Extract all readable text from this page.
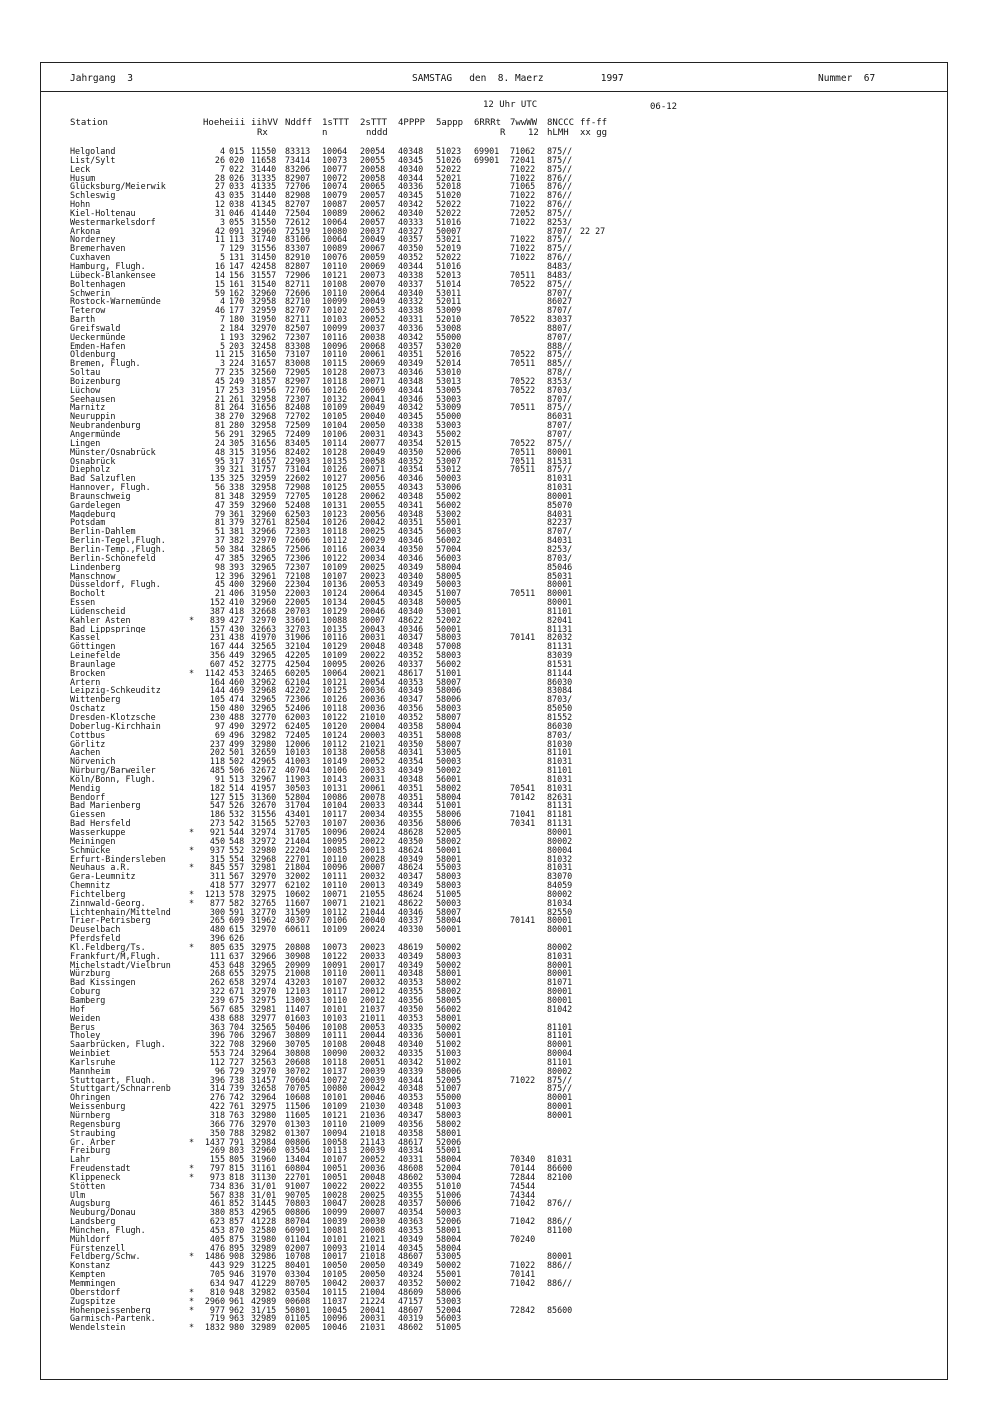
Jahrgang  3	SAMSTAG   den  8. Maerz          1997	Nummer  67
12 Uhr UTC	06-12
Station	Hoehe
iii iihVV Nddff 1sTTT 2sTTT 4PPPP 5appp 6RRRt 7wwWW 8NCCC ff-ff
Rx	n	nddd	R	12 hLMH xx gg
Helgoland	4 015 11550 83313 10064 20054 40348 51023 69901 71062 875//
List/Sylt	26 020 11658 73414 10073 20055 40345 51026 69901 72041 875//
Leck	7 022 31440 83206 10077 20058 40340 52022	71022 875//
Husum	28 026 31335 82907 10072 20058 40344 52021	71022 876//
Glücksburg/Meierwik	27 033 41335 72706 10074 20065 40336 52018	71065 876//
Schleswig	43 035 31440 82908 10079 20057 40345 51020	71022 876//
Hohn	12 038 41345 82707 10087 20057 40342 52022	71022 876//
Kiel-Holtenau	31 046 41440 72504 10089 20062 40340 52022	72052 875//
Westermarkelsdorf	3 055 31550 72612 10064 20057 40333 51016	71022 8253/
Arkona	42 091 32960 72519 10080 20037 40327 50007	8707/ 22 27
Norderney	11 113 31740 83106 10064 20049 40357 53021	71022 875//
Bremerhaven	7 129 31556 83307 10089 20067 40350 52019	71022 875//
Cuxhaven	5 131 31450 82910 10076 20059 40352 52022	71022 876//
Hamburg, Flugh.	16 147 42458 82807 10110 20069 40344 51016	8483/
Lübeck-Blankensee	14 156 31557 72906 10121 20073 40338 52013	70511 8483/
Boltenhagen	15 161 31540 82711 10108 20070 40337 51014	70522 875//
Schwerin	59 162 32960 72606 10110 20064 40340 53011	8707/
Rostock-Warnemünde	4 170 32958 82710 10099 20049 40332 52011	86027
Teterow	46 177 32959 82707 10102 20053 40338 53009	8707/
Barth	7 180 31950 82711 10103 20052 40331 52010	70522 83037
Greifswald	2 184 32970 82507 10099 20037 40336 53008	8807/
Ueckermünde	1 193 32962 72307 10116 20038 40342 55000	8707/
Emden-Hafen	5 203 32458 83308 10096 20068 40357 53020	888//
Oldenburg	11 215 31650 73107 10110 20061 40351 52016	70522 875//
Bremen, Flugh.	3 224 31657 83008 10115 20069 40349 52014	70511 885//
Soltau	77 235 32560 72905 10128 20073 40346 53010	878//
Boizenburg	45 249 31857 82907 10118 20071 40348 53013	70522 8353/
Lüchow	17 253 31956 72706 10126 20069 40344 53005	70522 8703/
Seehausen	21 261 32958 72307 10132 20041 40346 53003	8707/
Marnitz	81 264 31656 82408 10109 20049 40342 53009	70511 875//
Neuruppin	38 270 32968 72702 10105 20040 40345 55000	86031
Neubrandenburg	81 280 32958 72509 10104 20050 40338 53003	8707/
Angermünde	56 291 32965 72409 10106 20031 40343 55002	8707/
Lingen	24 305 31656 83405 10114 20077 40354 52015	70522 875//
Münster/Osnabrück	48 315 31956 82402 10128 20049 40350 52006	70511 80001
Osnabrück	95 317 31657 22903 10135 20058 40352 53007	70511 81531
Diepholz	39 321 31757 73104 10126 20071 40354 53012	70511 875//
Bad Salzuflen	135 325 32959 22602 10127 20056 40346 50003	81031
Hannover, Flugh.	56 338 32958 72908 10125 20055 40343 53006	81031
Braunschweig	81 348 32959 72705 10128 20062 40348 55002	80001
Gardelegen	47 359 32960 52408 10131 20055 40341 56002	85070
Magdeburg	79 361 32960 62503 10123 20056 40348 53002	84031
Potsdam	81 379 32761 82504 10126 20042 40351 55001	82237
Berlin-Dahlem	51 381 32966 72303 10118 20025 40345 56003	8707/
Berlin-Tegel,Flugh.	37 382 32970 72606 10112 20029 40346 56002	84031
Berlin-Temp.,Flugh.	50 384 32865 72506 10116 20034 40350 57004	8253/
Berlin-Schönefeld	47 385 32965 72306 10122 20034 40346 56003	8703/
Lindenberg	98 393 32965 72307 10109 20025 40349 58004	85046
Manschnow	12 396 32961 72108 10107 20023 40340 58005	85031
Düsseldorf, Flugh.	45 400 32960 22304 10136 20053 40349 50003	80001
Bocholt	21 406 31950 22003 10124 20064 40345 51007	70511 80001
Essen	152 410 32960 22005 10134 20045 40348 50005	80001
Lüdenscheid	387 418 32668 20703 10129 20046 40340 53001	81101
Kahler Asten	*	839 427 32970 33601 10088 20007 48622 52002	82041
Bad Lippspringe	157 430 32663 32703 10135 20043 40346 50001	81131
Kassel	231 438 41970 31906 10116 20031 40347 58003	70141 82032
Göttingen	167 444 32565 32104 10129 20048 40348 57008	81131
Leinefelde	356 449 32965 42205 10109 20022 40352 58003	83039
Braunlage	607 452 32775 42504 10095 20026 40337 56002	81531
Brocken	*	1142 453 32465 60205 10064 20021 48617 51001	81144
Artern	164 460 32962 62104 10121 20054 40353 58007	86030
Leipzig-Schkeuditz	144 469 32968 42202 10125 20036 40349 58006	83084
Wittenberg	105 474 32965 72306 10126 20036 40347 58006	8703/
Oschatz	150 480 32965 52406 10118 20036 40356 58003	85050
Dresden-Klotzsche	230 488 32770 62003 10122 21010 40352 58007	81552
Doberlug-Kirchhain	97 490 32972 62405 10120 20004 40358 58004	86030
Cottbus	69 496 32982 72405 10124 20003 40351 58008	8703/
Görlitz	237 499 32980 12006 10112 21021 40350 58007	81030
Aachen	202 501 32659 10103 10138 20058 40341 53005	81101
Nörvenich	118 502 42965 41003 10149 20052 40354 50003	81031
Nürburg/Barweiler	485 506 32672 40704 10106 20033 40349 50002	81101
Köln/Bonn, Flugh.	91 513 32967 11903 10143 20031 40348 56001	81031
Mendig	182 514 41957 30503 10131 20061 40351 58002	70541 81031
Bendorf	127 515 31360 52804 10086 20078 40351 58004	70142 82631
Bad Marienberg	547 526 32670 31704 10104 20033 40344 51001	81131
Giessen	186 532 31556 43401 10117 20034 40355 58006	71041 81181
Bad Hersfeld	273 542 31565 52703 10107 20036 40356 58006	70341 81131
Wasserkuppe	*	921 544 32974 31705 10096 20024 48628 52005	80001
Meiningen	450 548 32972 21404 10095 20022 40350 58002	80002
Schmücke	*	937 552 32980 22204 10085 20013 48624 50001	80004
Erfurt-Bindersleben	315 554 32968 22701 10110 20028 40349 58001	81032
Neuhaus a.R.	*	845 557 32981 21804 10096 20007 48624 55003	81031
Gera-Leumnitz	311 567 32970 32002 10111 20032 40347 58003	83070
Chemnitz	418 577 32977 62102 10110 20013 40349 58003	84059
Fichtelberg	*	1213 578 32975 10602 10071 21055 48624 51005	80002
Zinnwald-Georg.	*	877 582 32765 11607 10071 21021 48622 50003	81034
Lichtenhain/Mittelnd	300 591 32770 31509 10112 21044 40346 58007	82550
Trier-Petrisberg	265 609 31962 40307 10106 20040 40337 58004	70141 80001
Deuselbach	480 615 32970 60611 10109 20024 40330 50001	80001
Pferdsfeld	396 626
Kl.Feldberg/Ts.	*	805 635 32975 20808 10073 20023 48619 50002	80002
Frankfurt/M,Flugh.	111 637 32966 30908 10122 20033 40349 58003	81031
Michelstadt/Vielbrun	453 648 32965 20909 10091 20017 40349 50002	80001
Würzburg	268 655 32975 21008 10110 20011 40348 58001	80001
Bad Kissingen	262 658 32974 43203 10107 20032 40353 58002	81071
Coburg	322 671 32970 12103 10117 20012 40355 58002	80001
Bamberg	239 675 32975 13003 10110 20012 40356 58005	80001
Hof	567 685 32981 11407 10101 21037 40350 56002	81042
Weiden	438 688 32977 01603 10103 21011 40353 58001
Berus	363 704 32565 50406 10108 20053 40335 50002	81101
Tholey	396 706 32967 30809 10111 20044 40336 50001	81101
Saarbrücken, Flugh.	322 708 32960 30705 10108 20048 40340 51002	80001
Weinbiet	553 724 32964 30808 10090 20032 40335 51003	80004
Karlsruhe	112 727 32563 20608 10118 20051 40342 51002	81101
Mannheim	96 729 32970 30702 10137 20039 40339 58006	80002
Stuttgart, Flugh.	396 738 31457 70604 10072 20039 40344 52005	71022 875//
Stuttgart/Schnarrenb	314 739 32658 70705 10080 20042 40348 51007	875//
Öhringen	276 742 32964 10608 10101 20046 40353 55000	80001
Weissenburg	422 761 32975 11506 10109 21030 40348 51003	80001
Nürnberg	318 763 32980 11605 10121 21036 40347 58003	80001
Regensburg	366 776 32970 01303 10110 21009 40356 58002
Straubing	350 788 32982 01307 10094 21018 40358 58001
Gr. Arber	*	1437 791 32984 00806 10058 21143 48617 52006
Freiburg	269 803 32960 03504 10113 20039 40334 55001
Lahr	155 805 31960 13404 10107 20052 40331 58004	70340 81031
Freudenstadt	*	797 815 31161 60804 10051 20036 48608 52004	70144 86600
Klippeneck	*	973 818 31130 22701 10051 20048 48602 53004	72844 82100
Stötten	734 836 31/01 91007 10022 20022 40355 51010	74544
Ulm	567 838 31/01 90705 10028 20025 40355 51006	74344
Augsburg	461 852 31445 70803 10047 20028 40357 50006	71042 876//
Neuburg/Donau	380 853 42965 00806 10099 20007 40354 50003
Landsberg	623 857 41228 80704 10039 20030 40363 52006	71042 886//
München, Flugh.	453 870 32580 60901 10081 20008 40353 58001	81100
Mühldorf	405 875 31980 01104 10101 21021 40349 58004	70240
Fürstenzell	476 895 32989 02007 10093 21014 40345 58004
Feldberg/Schw.	*	1486 908 32986 10708 10017 21018 48607 53005	80001
Konstanz	443 929 31225 80401 10050 20050 40349 50002	71022 886//
Kempten	705 946 31970 03304 10105 20050 40324 55001	70141
Memmingen	634 947 41229 80705 10042 20037 40352 50002	71042 886//
Oberstdorf	*	810 948 32982 03504 10115 21004 48609 58006
Zugspitze	*	2960 961 42989 00608 11037 21224 47157 53003
Hohenpeissenberg	*	977 962 31/15 50801 10045 20041 48607 52004	72842 85600
Garmisch-Partenk.	719 963 32989 01105 10096 20031 40319 56003
Wendelstein	*	1832 980 32989 02005 10046 21031 48602 51005
